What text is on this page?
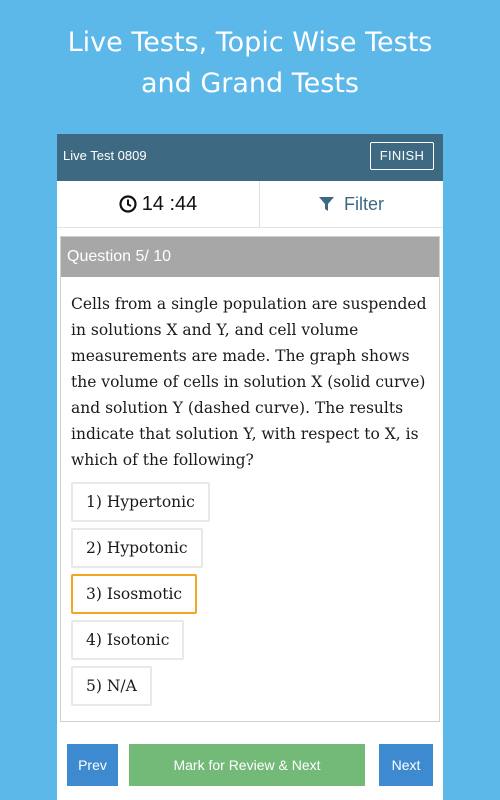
Live Tests, Topic Wise Tests
and Grand Tests
Live Test 0809	FINISH
14 :44	Filter
Question 5/ 10
Cells from a single population are suspended in solutions X and Y, and cell volume measurements are made. The graph shows the volume of cells in solution X (solid curve) and solution Y (dashed curve). The results indicate that solution Y, with respect to X, is which of the following?
1) Hypertonic
2) Hypotonic
3) Isosmotic
4) Isotonic
5) N/A
Prev	Mark for Review & Next	Next
